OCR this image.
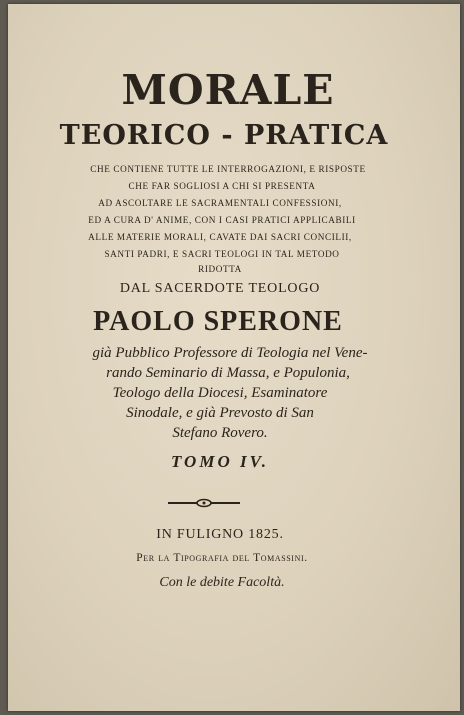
MORALE
TEORICO - PRATICA
CHE CONTIENE TUTTE LE INTERROGAZIONI, E RISPOSTE
CHE FAR SOGLIOSI A CHI SI PRESENTA
AD ASCOLTARE LE SACRAMENTALI CONFESSIONI,
ED A CURA D' ANIME, CON I CASI PRATICI APPLICABILI
ALLE MATERIE MORALI, CAVATE DAI SACRI CONCILII,
SANTI PADRI, E SACRI TEOLOGI IN TAL METODO
RIDOTTA
DAL SACERDOTE TEOLOGO
PAOLO SPERONE
già Pubblico Professore di Teologia nel Vene-
rando Seminario di Massa, e Populonia,
Teologo della Diocesi, Esaminatore
Sinodale, e già Prevosto di San
Stefano Rovero.
TOMO IV.
IN FULIGNO 1825.
Per la Tipografia del Tomassini.
Con le debite Facoltà.
